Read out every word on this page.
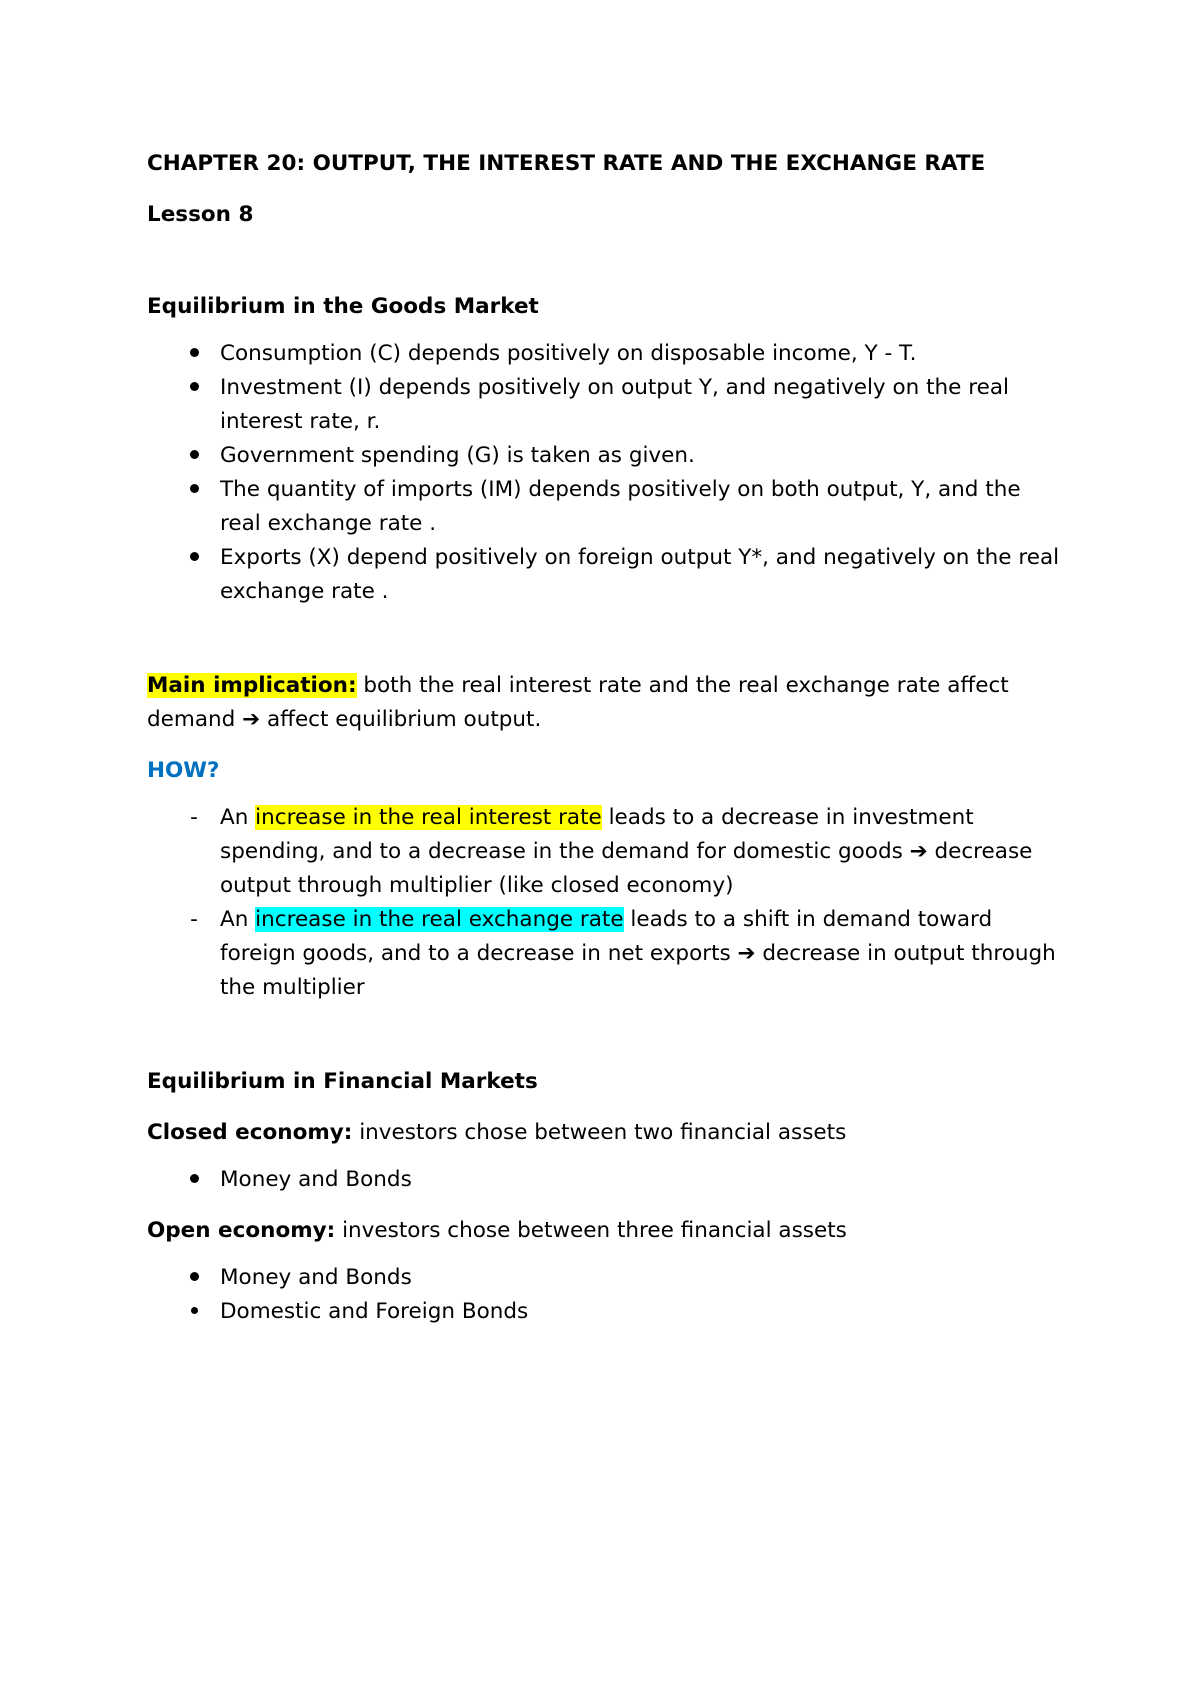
CHAPTER 20: OUTPUT, THE INTEREST RATE AND THE EXCHANGE RATE

Lesson 8

Equilibrium in the Goods Market

Consumption (C) depends positively on disposable income, Y - T.
Investment (I) depends positively on output Y, and negatively on the real interest rate, r.
Government spending (G) is taken as given.
The quantity of imports (IM) depends positively on both output, Y, and the real exchange rate .
Exports (X) depend positively on foreign output Y*, and negatively on the real exchange rate .

Main implication: both the real interest rate and the real exchange rate affect demand ➔ affect equilibrium output.

HOW?

- An increase in the real interest rate leads to a decrease in investment spending, and to a decrease in the demand for domestic goods ➔ decrease output through multiplier (like closed economy)
- An increase in the real exchange rate leads to a shift in demand toward foreign goods, and to a decrease in net exports ➔ decrease in output through the multiplier

Equilibrium in Financial Markets

Closed economy: investors chose between two financial assets

Money and Bonds

Open economy: investors chose between three financial assets

Money and Bonds
Domestic and Foreign Bonds
